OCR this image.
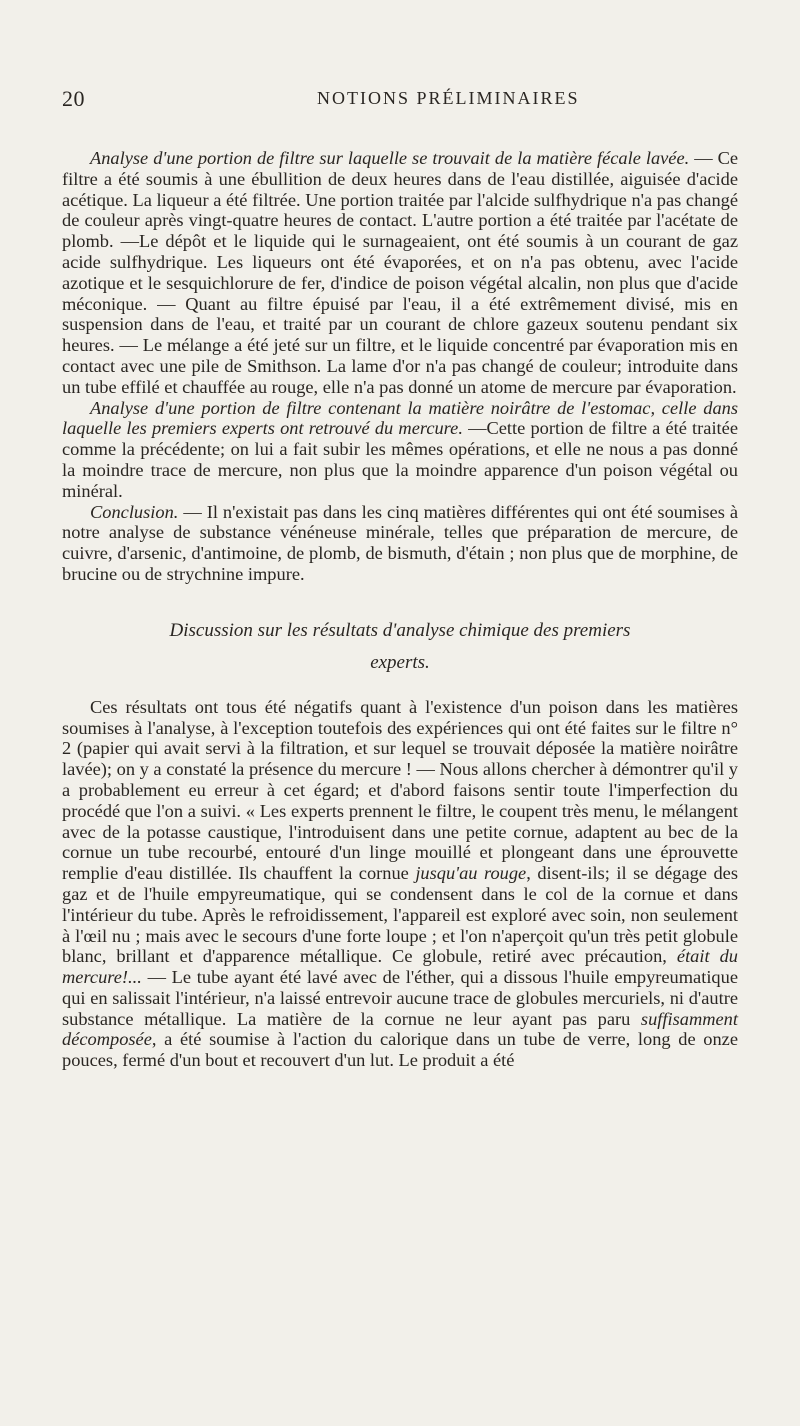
20	NOTIONS PRÉLIMINAIRES

Analyse d'une portion de filtre sur laquelle se trouvait de la matière fécale lavée. — Ce filtre a été soumis à une ébullition de deux heures dans de l'eau distillée, aiguisée d'acide acétique. La liqueur a été filtrée. Une portion traitée par l'alcide sulfhydrique n'a pas changé de couleur après vingt-quatre heures de contact. L'autre portion a été traitée par l'acétate de plomb. —Le dépôt et le liquide qui le surnageaient, ont été soumis à un courant de gaz acide sulfhydrique. Les liqueurs ont été évaporées, et on n'a pas obtenu, avec l'acide azotique et le sesquichlorure de fer, d'indice de poison végétal alcalin, non plus que d'acide méconique. — Quant au filtre épuisé par l'eau, il a été extrêmement divisé, mis en suspension dans de l'eau, et traité par un courant de chlore gazeux soutenu pendant six heures. — Le mélange a été jeté sur un filtre, et le liquide concentré par évaporation mis en contact avec une pile de Smithson. La lame d'or n'a pas changé de couleur; introduite dans un tube effilé et chauffée au rouge, elle n'a pas donné un atome de mercure par évaporation.

Analyse d'une portion de filtre contenant la matière noirâtre de l'estomac, celle dans laquelle les premiers experts ont retrouvé du mercure. —Cette portion de filtre a été traitée comme la précédente; on lui a fait subir les mêmes opérations, et elle ne nous a pas donné la moindre trace de mercure, non plus que la moindre apparence d'un poison végétal ou minéral.

Conclusion. — Il n'existait pas dans les cinq matières différentes qui ont été soumises à notre analyse de substance vénéneuse minérale, telles que préparation de mercure, de cuivre, d'arsenic, d'antimoine, de plomb, de bismuth, d'étain ; non plus que de morphine, de brucine ou de strychnine impure.

Discussion sur les résultats d'analyse chimique des premiers
experts.

Ces résultats ont tous été négatifs quant à l'existence d'un poison dans les matières soumises à l'analyse, à l'exception toutefois des expériences qui ont été faites sur le filtre n° 2 (papier qui avait servi à la filtration, et sur lequel se trouvait déposée la matière noirâtre lavée); on y a constaté la présence du mercure ! — Nous allons chercher à démontrer qu'il y a probablement eu erreur à cet égard; et d'abord faisons sentir toute l'imperfection du procédé que l'on a suivi. « Les experts prennent le filtre, le coupent très menu, le mélangent avec de la potasse caustique, l'introduisent dans une petite cornue, adaptent au bec de la cornue un tube recourbé, entouré d'un linge mouillé et plongeant dans une éprouvette remplie d'eau distillée. Ils chauffent la cornue jusqu'au rouge, disent-ils; il se dégage des gaz et de l'huile empyreumatique, qui se condensent dans le col de la cornue et dans l'intérieur du tube. Après le refroidissement, l'appareil est exploré avec soin, non seulement à l'œil nu ; mais avec le secours d'une forte loupe ; et l'on n'aperçoit qu'un très petit globule blanc, brillant et d'apparence métallique. Ce globule, retiré avec précaution, était du mercure!... — Le tube ayant été lavé avec de l'éther, qui a dissous l'huile empyreumatique qui en salissait l'intérieur, n'a laissé entrevoir aucune trace de globules mercuriels, ni d'autre substance métallique. La matière de la cornue ne leur ayant pas paru suffisamment décomposée, a été soumise à l'action du calorique dans un tube de verre, long de onze pouces, fermé d'un bout et recouvert d'un lut. Le produit a été
